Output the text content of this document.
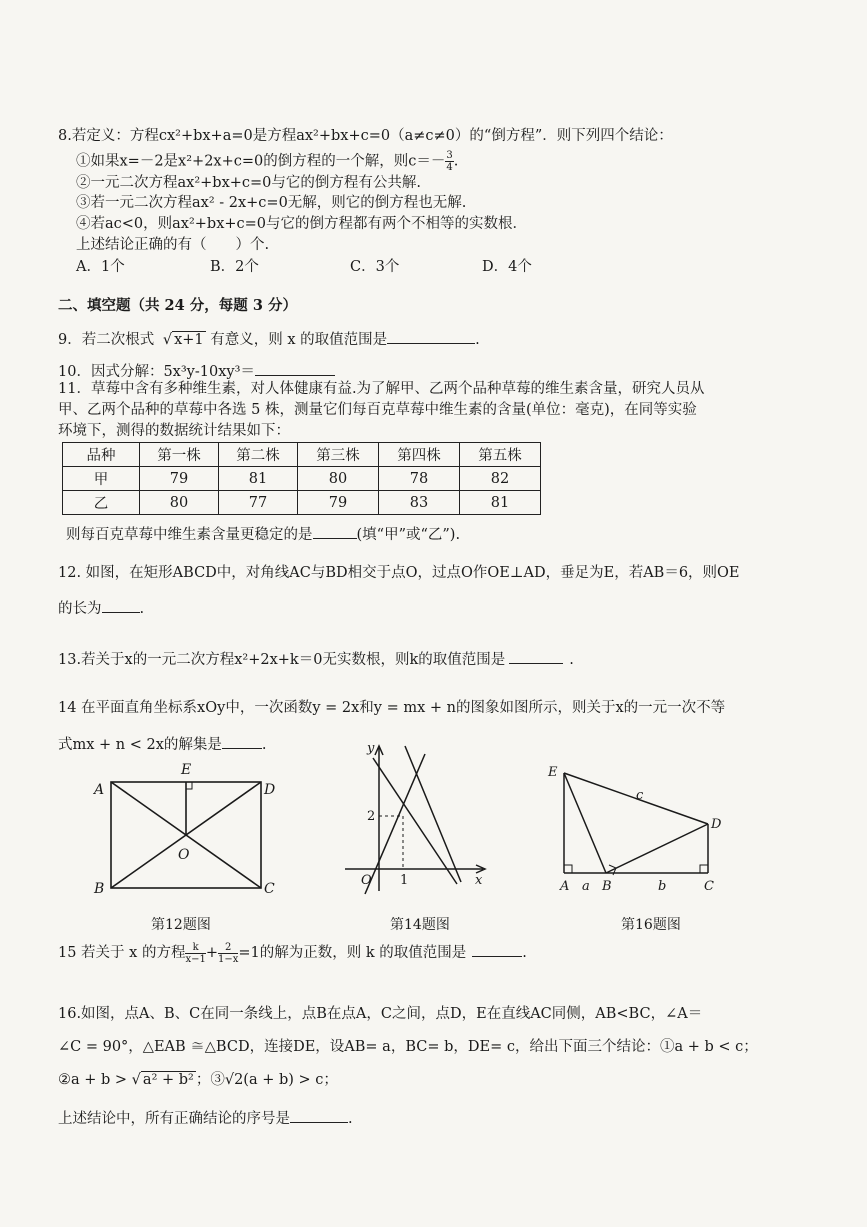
8.若定义：方程cx²+bx+a=0是方程ax²+bx+c=0（a≠c≠0）的“倒方程”．则下列四个结论：
①如果x=－2是x²+2x+c=0的倒方程的一个解，则$c=- \frac{3}{4}$ .
②一元二次方程ax²+bx+c=0与它的倒方程有公共解.
③若一元二次方程ax² - 2x+c=0无解，则它的倒方程也无解.
④若ac<0，则ax²+bx+c=0与它的倒方程都有两个不相等的实数根．
上述结论正确的有（　　）个.
A．1个	B．2个	C．3个	D．4个
二、填空题（共 24 分，每题 3 分）
9．若二次根式 √ x+1 有意义，则 x 的取值范围是	.
10．因式分解：5x³y-10xy³＝
11．草莓中含有多种维生素，对人体健康有益.为了解甲、乙两个品种草莓的维生素含量，研究人员从
甲、乙两个品种的草莓中各选 5 株，测量它们每百克草莓中维生素的含量(单位：毫克)，在同等实验
环境下，测得的数据统计结果如下：
品种	第一株	第二株	第三株	第四株	第五株
甲	79	81	80	78	82
乙	80	77	79	83	81
则每百克草莓中维生素含量更稳定的是	(填“甲”或“乙”).
12. 如图，在矩形ABCD中，对角线AC与BD相交于点O，过点O作OE⊥AD，垂足为E，若AB＝6，则OE
的长为	.
13.若关于x的一元二次方程x²+2x+k＝0无实数根，则k的取值范围是	.
14 在平面直角坐标系xOy中，一次函数y = 2x和y = mx + n的图象如图所示，则关于x的一元一次不等
式mx + n < 2x的解集是	.
E
A	D
O
B	C
第12题图
y
2
O 1	x
第14题图
E
c
D
A a B	b	C
第16题图
15 若关于 x 的方程 $\frac{k}{x-1} + \frac{2}{1-x} =1$的解为正数，则 k 的取值范围是	.
16.如图，点A、B、C在同一条线上，点B在点A，C之间，点D，E在直线AC同侧，AB<BC，∠A＝
∠C = 90°，△EAB ≅△BCD，连接DE，设AB= a，BC= b，DE= c，给出下面三个结论：①a + b < c；
②a + b > √ a² + b² ；③√2(a + b) > c；
上述结论中，所有正确结论的序号是	.
